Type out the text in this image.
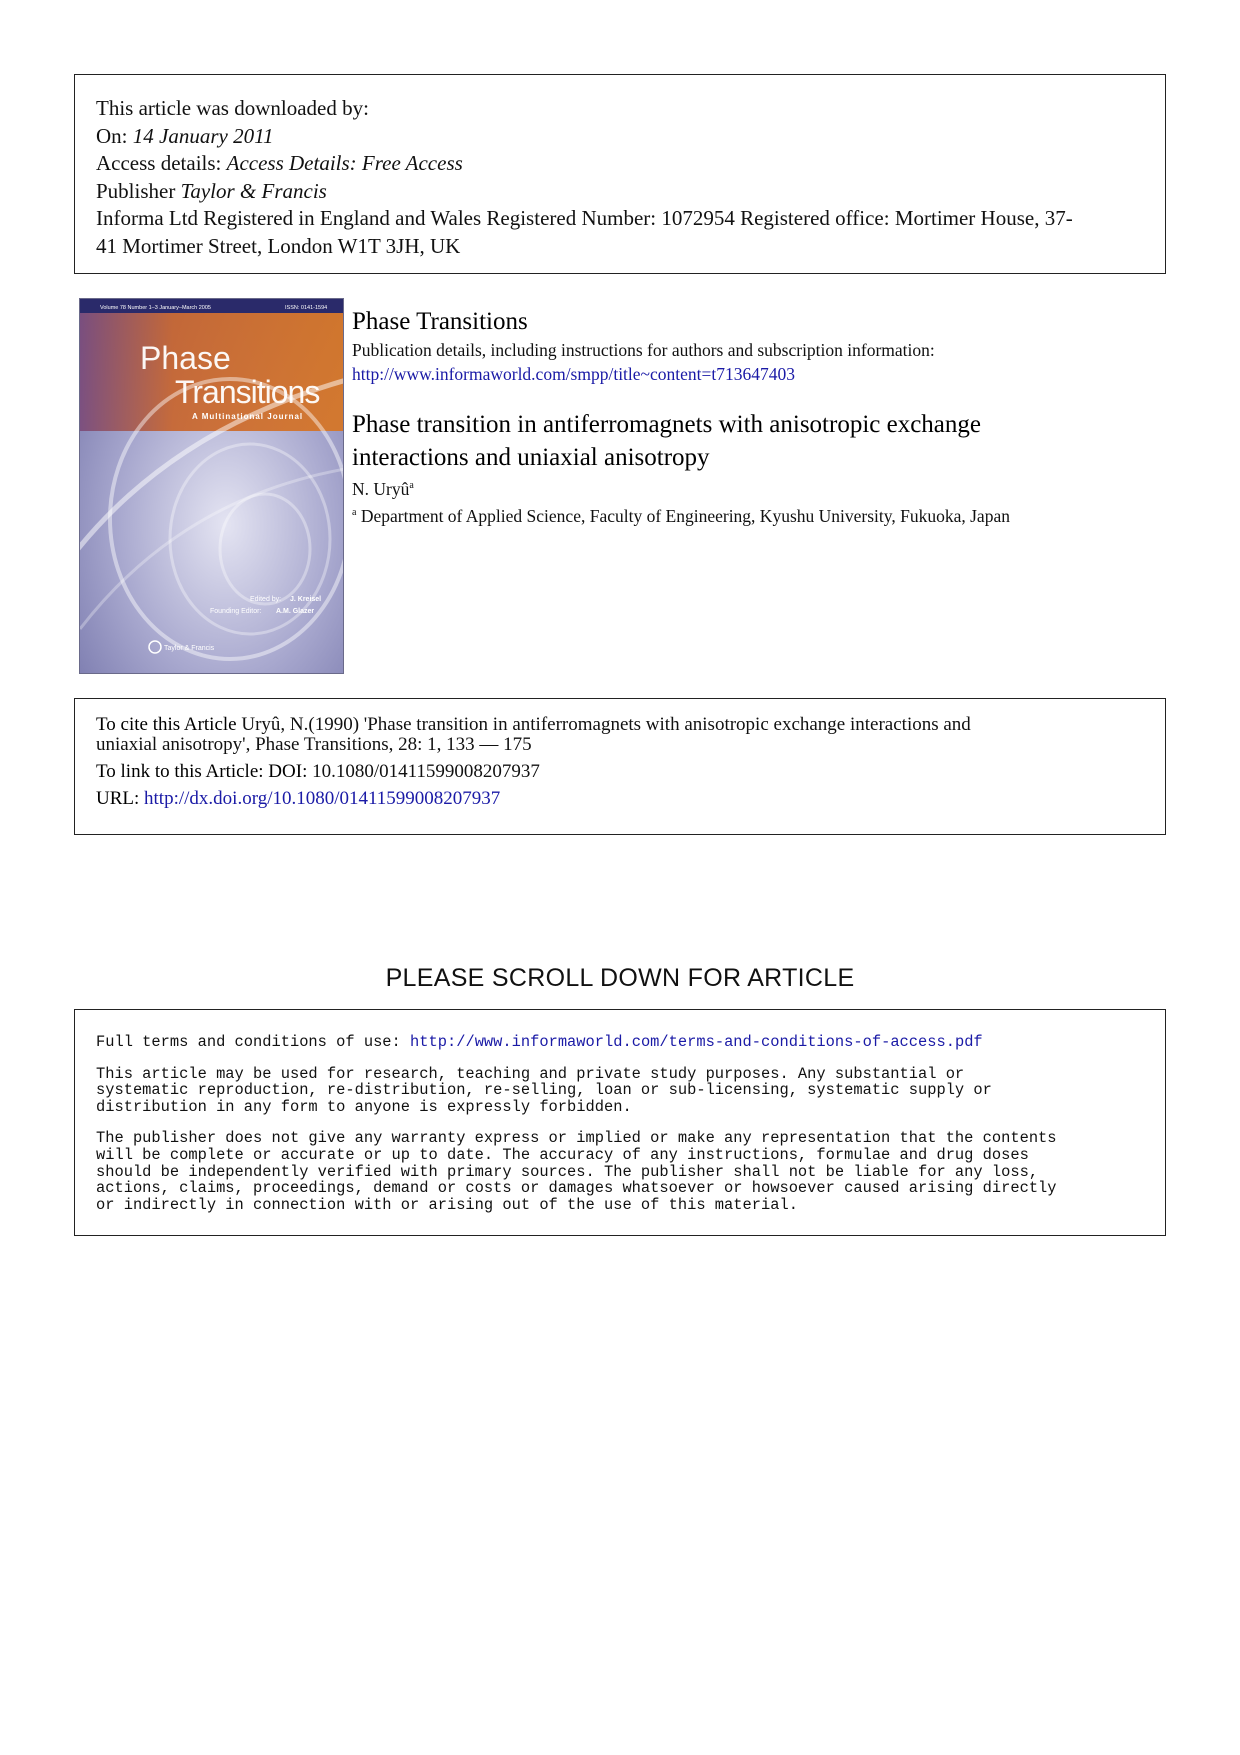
This article was downloaded by:
On: 14 January 2011
Access details: Access Details: Free Access
Publisher Taylor & Francis
Informa Ltd Registered in England and Wales Registered Number: 1072954 Registered office: Mortimer House, 37-
41 Mortimer Street, London W1T 3JH, UK
Volume 78 Number 1–3 January–March 2005	ISSN: 0141-1594
Phase
Transitions
A Multinational Journal
Edited by: J. Kreisel
Founding Editor: A.M. Glazer
Taylor & Francis
Phase Transitions
Publication details, including instructions for authors and subscription information:
http://www.informaworld.com/smpp/title~content=t713647403
Phase transition in antiferromagnets with anisotropic exchange
interactions and uniaxial anisotropy
N. Uryû$^a$
$^a$ Department of Applied Science, Faculty of Engineering, Kyushu University, Fukuoka, Japan
To cite this Article Uryû, N.(1990) 'Phase transition in antiferromagnets with anisotropic exchange interactions and
uniaxial anisotropy', Phase Transitions, 28: 1, 133 — 175
To link to this Article: DOI: 10.1080/01411599008207937
URL: http://dx.doi.org/10.1080/01411599008207937
PLEASE SCROLL DOWN FOR ARTICLE
Full terms and conditions of use: http://www.informaworld.com/terms-and-conditions-of-access.pdf
This article may be used for research, teaching and private study purposes. Any substantial or
systematic reproduction, re-distribution, re-selling, loan or sub-licensing, systematic supply or
distribution in any form to anyone is expressly forbidden.
The publisher does not give any warranty express or implied or make any representation that the contents
will be complete or accurate or up to date. The accuracy of any instructions, formulae and drug doses
should be independently verified with primary sources. The publisher shall not be liable for any loss,
actions, claims, proceedings, demand or costs or damages whatsoever or howsoever caused arising directly
or indirectly in connection with or arising out of the use of this material.
